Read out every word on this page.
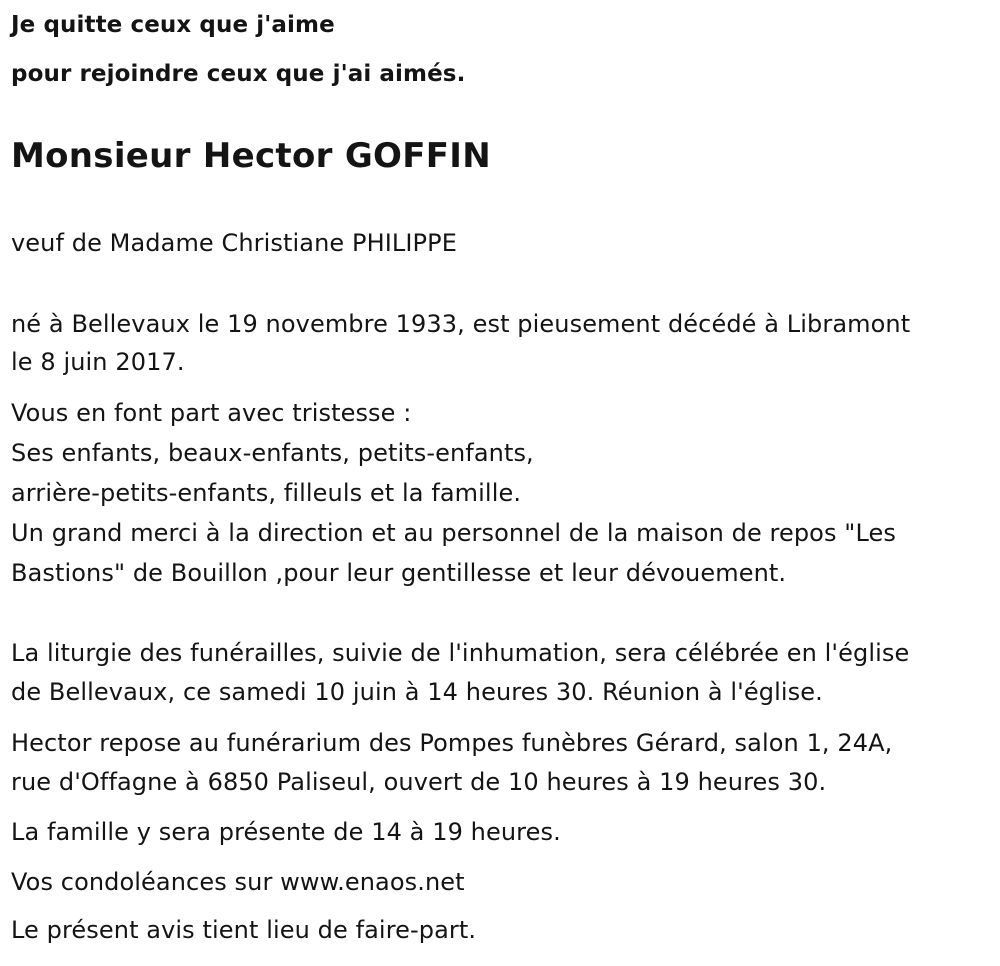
Je quitte ceux que j'aime
pour rejoindre ceux que j'ai aimés.
Monsieur Hector GOFFIN
veuf de Madame Christiane PHILIPPE
né à Bellevaux le 19 novembre 1933, est pieusement décédé à Libramont
le 8 juin 2017.
Vous en font part avec tristesse :
Ses enfants, beaux-enfants, petits-enfants,
arrière-petits-enfants, filleuls et la famille.
Un grand merci à la direction et au personnel de la maison de repos "Les
Bastions" de Bouillon ,pour leur gentillesse et leur dévouement.
La liturgie des funérailles, suivie de l'inhumation, sera célébrée en l'église
de Bellevaux, ce samedi 10 juin à 14 heures 30. Réunion à l'église.
Hector repose au funérarium des Pompes funèbres Gérard, salon 1, 24A,
rue d'Offagne à 6850 Paliseul, ouvert de 10 heures à 19 heures 30.
La famille y sera présente de 14 à 19 heures.
Vos condoléances sur www.enaos.net
Le présent avis tient lieu de faire-part.
